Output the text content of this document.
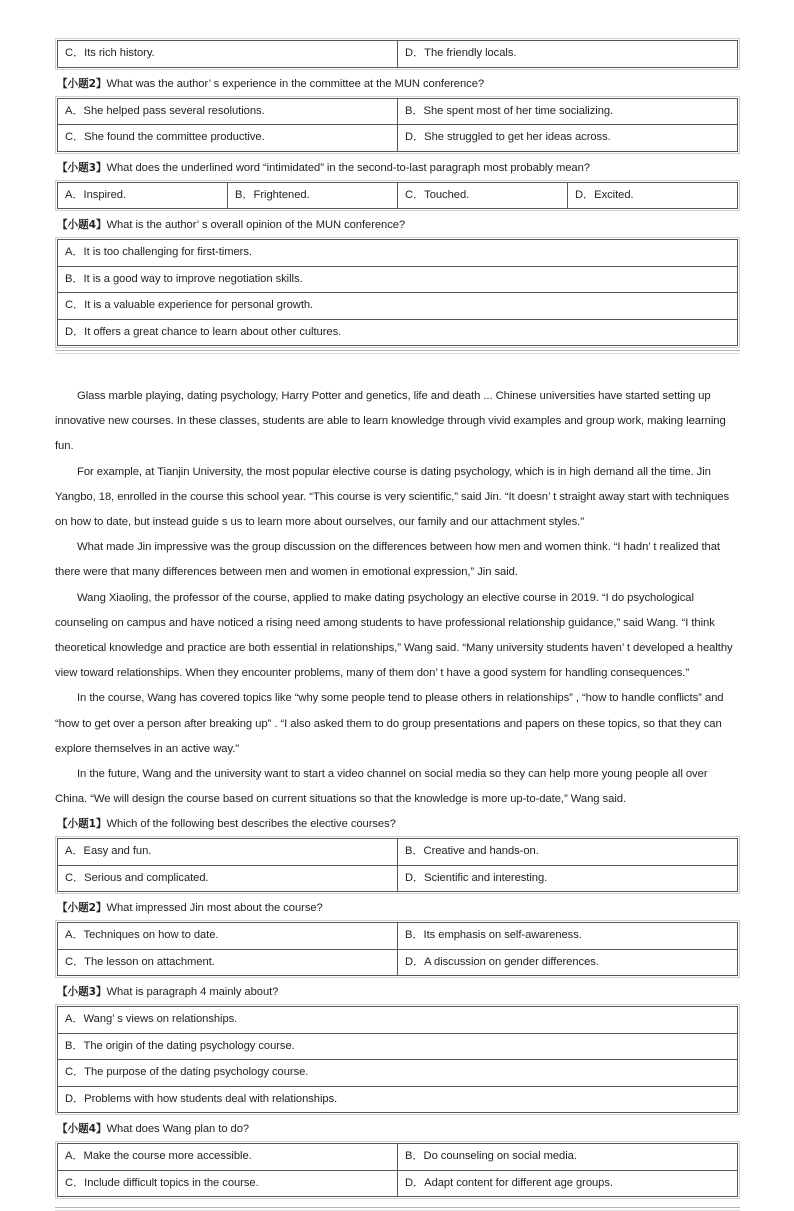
C．Its rich history.	D．The friendly locals.
【小题2】What was the author’ s experience in the committee at the MUN conference?
A．She helped pass several resolutions.	B．She spent most of her time socializing.
C．She found the committee productive.	D．She struggled to get her ideas across.
【小题3】What does the underlined word “intimidated” in the second-to-last paragraph most probably mean?
A．Inspired.	B．Frightened.	C．Touched.	D．Excited.
【小题4】What is the author’ s overall opinion of the MUN conference?
A．It is too challenging for first-timers.
B．It is a good way to improve negotiation skills.
C．It is a valuable experience for personal growth.
D．It offers a great chance to learn about other cultures.

Glass marble playing, dating psychology, Harry Potter and genetics, life and death ... Chinese universities have started setting up innovative new courses. In these classes, students are able to learn knowledge through vivid examples and group work, making learning fun.

For example, at Tianjin University, the most popular elective course is dating psychology, which is in high demand all the time. Jin Yangbo, 18, enrolled in the course this school year. “This course is very scientific,” said Jin. “It doesn’ t straight away start with techniques on how to date, but instead guide s us to learn more about ourselves, our family and our attachment styles."

What made Jin impressive was the group discussion on the differences between how men and women think. “I hadn’ t realized that there were that many differences between men and women in emotional expression,” Jin said.

Wang Xiaoling, the professor of the course, applied to make dating psychology an elective course in 2019. “I do psychological counseling on campus and have noticed a rising need among students to have professional relationship guidance,” said Wang. “I think theoretical knowledge and practice are both essential in relationships,” Wang said. “Many university students haven’ t developed a healthy view toward relationships. When they encounter problems, many of them don’ t have a good system for handling consequences.”

In the course, Wang has covered topics like “why some people tend to please others in relationships” , “how to handle conflicts” and “how to get over a person after breaking up” . “I also asked them to do group presentations and papers on these topics, so that they can explore themselves in an active way."

In the future, Wang and the university want to start a video channel on social media so they can help more young people all over China. “We will design the course based on current situations so that the knowledge is more up-to-date,” Wang said.

【小题1】Which of the following best describes the elective courses?
A．Easy and fun.	B．Creative and hands-on.
C．Serious and complicated.	D．Scientific and interesting.
【小题2】What impressed Jin most about the course?
A．Techniques on how to date.	B．Its emphasis on self-awareness.
C．The lesson on attachment.	D．A discussion on gender differences.
【小题3】What is paragraph 4 mainly about?
A．Wang’ s views on relationships.
B．The origin of the dating psychology course.
C．The purpose of the dating psychology course.
D．Problems with how students deal with relationships.
【小题4】What does Wang plan to do?
A．Make the course more accessible.	B．Do counseling on social media.
C．Include difficult topics in the course.	D．Adapt content for different age groups.
